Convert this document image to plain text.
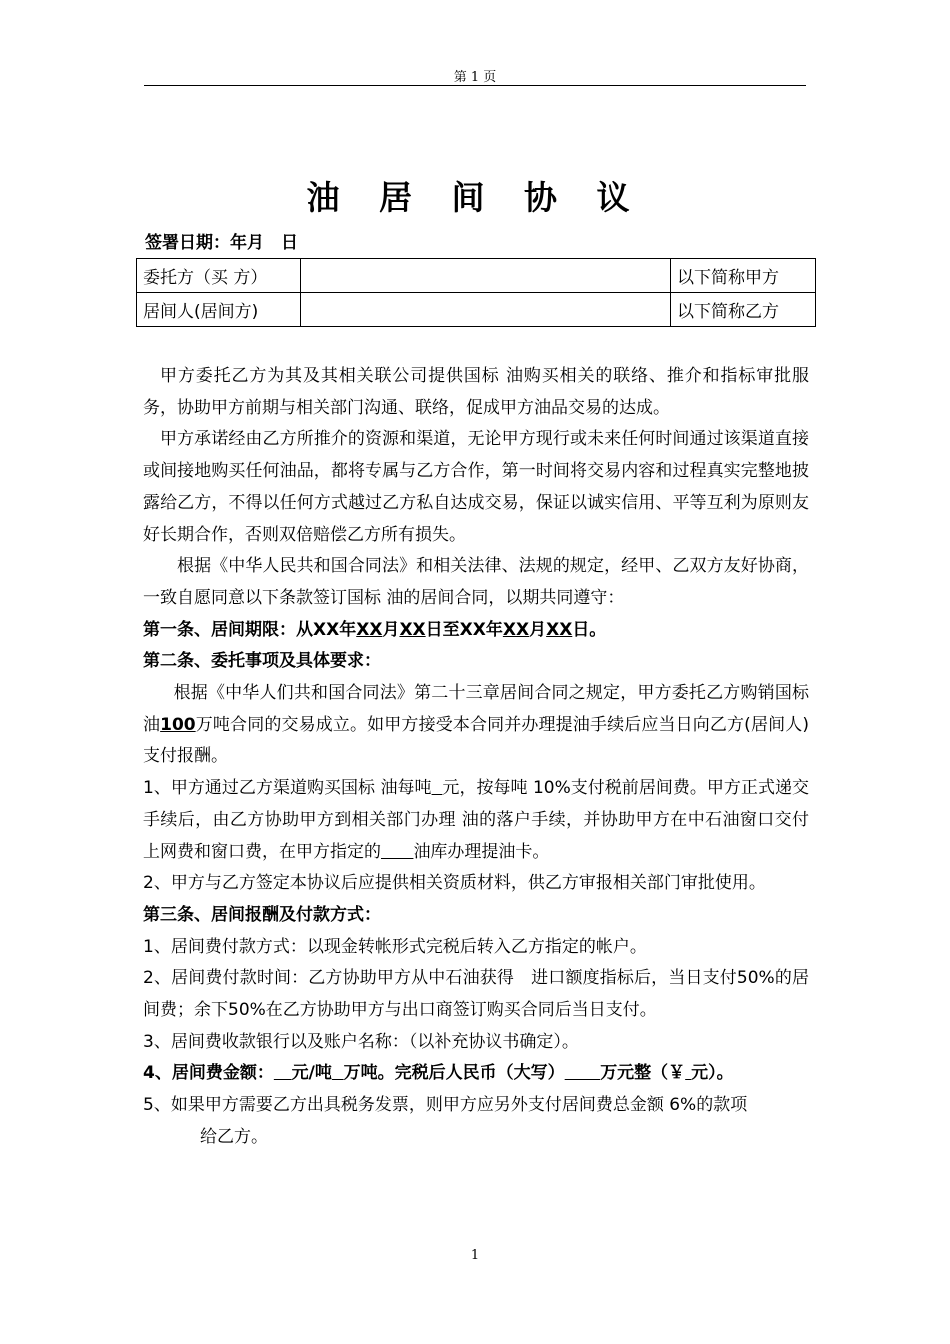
第 1 页
油 居 间 协 议
签署日期：年月　日
委托方（买 方）		以下简称甲方
居间人(居间方)		以下简称乙方

甲方委托乙方为其及其相关联公司提供国标 油购买相关的联络、推介和指标审批服务，协助甲方前期与相关部门沟通、联络，促成甲方油品交易的达成。

甲方承诺经由乙方所推介的资源和渠道，无论甲方现行或未来任何时间通过该渠道直接或间接地购买任何油品，都将专属与乙方合作，第一时间将交易内容和过程真实完整地披露给乙方，不得以任何方式越过乙方私自达成交易，保证以诚实信用、平等互利为原则友好长期合作，否则双倍赔偿乙方所有损失。

根据《中华人民共和国合同法》和相关法律、法规的规定，经甲、乙双方友好协商，一致自愿同意以下条款签订国标 油的居间合同，以期共同遵守：

第一条、居间期限：从XX年XX月XX日至XX年XX月XX日。

第二条、委托事项及具体要求：

根据《中华人们共和国合同法》第二十三章居间合同之规定，甲方委托乙方购销国标 油100万吨合同的交易成立。如甲方接受本合同并办理提油手续后应当日向乙方(居间人)支付报酬。

1、甲方通过乙方渠道购买国标 油每吨 元，按每吨 10%支付税前居间费。甲方正式递交手续后，由乙方协助甲方到相关部门办理 油的落户手续，并协助甲方在中石油窗口交付上网费和窗口费，在甲方指定的 油库办理提油卡。

2、甲方与乙方签定本协议后应提供相关资质材料，供乙方审报相关部门审批使用。

第三条、居间报酬及付款方式：

1、居间费付款方式：以现金转帐形式完税后转入乙方指定的帐户。

2、居间费付款时间：乙方协助甲方从中石油获得　进口额度指标后，当日支付50%的居间费；余下50%在乙方协助甲方与出口商签订购买合同后当日支付。

3、居间费收款银行以及账户名称：（以补充协议书确定）。

4、居间费金额： 元/吨 万吨。完税后人民币（大写） 万元整（￥ 元）。

5、如果甲方需要乙方出具税务发票，则甲方应另外支付居间费总金额 6%的款项

给乙方。

1
